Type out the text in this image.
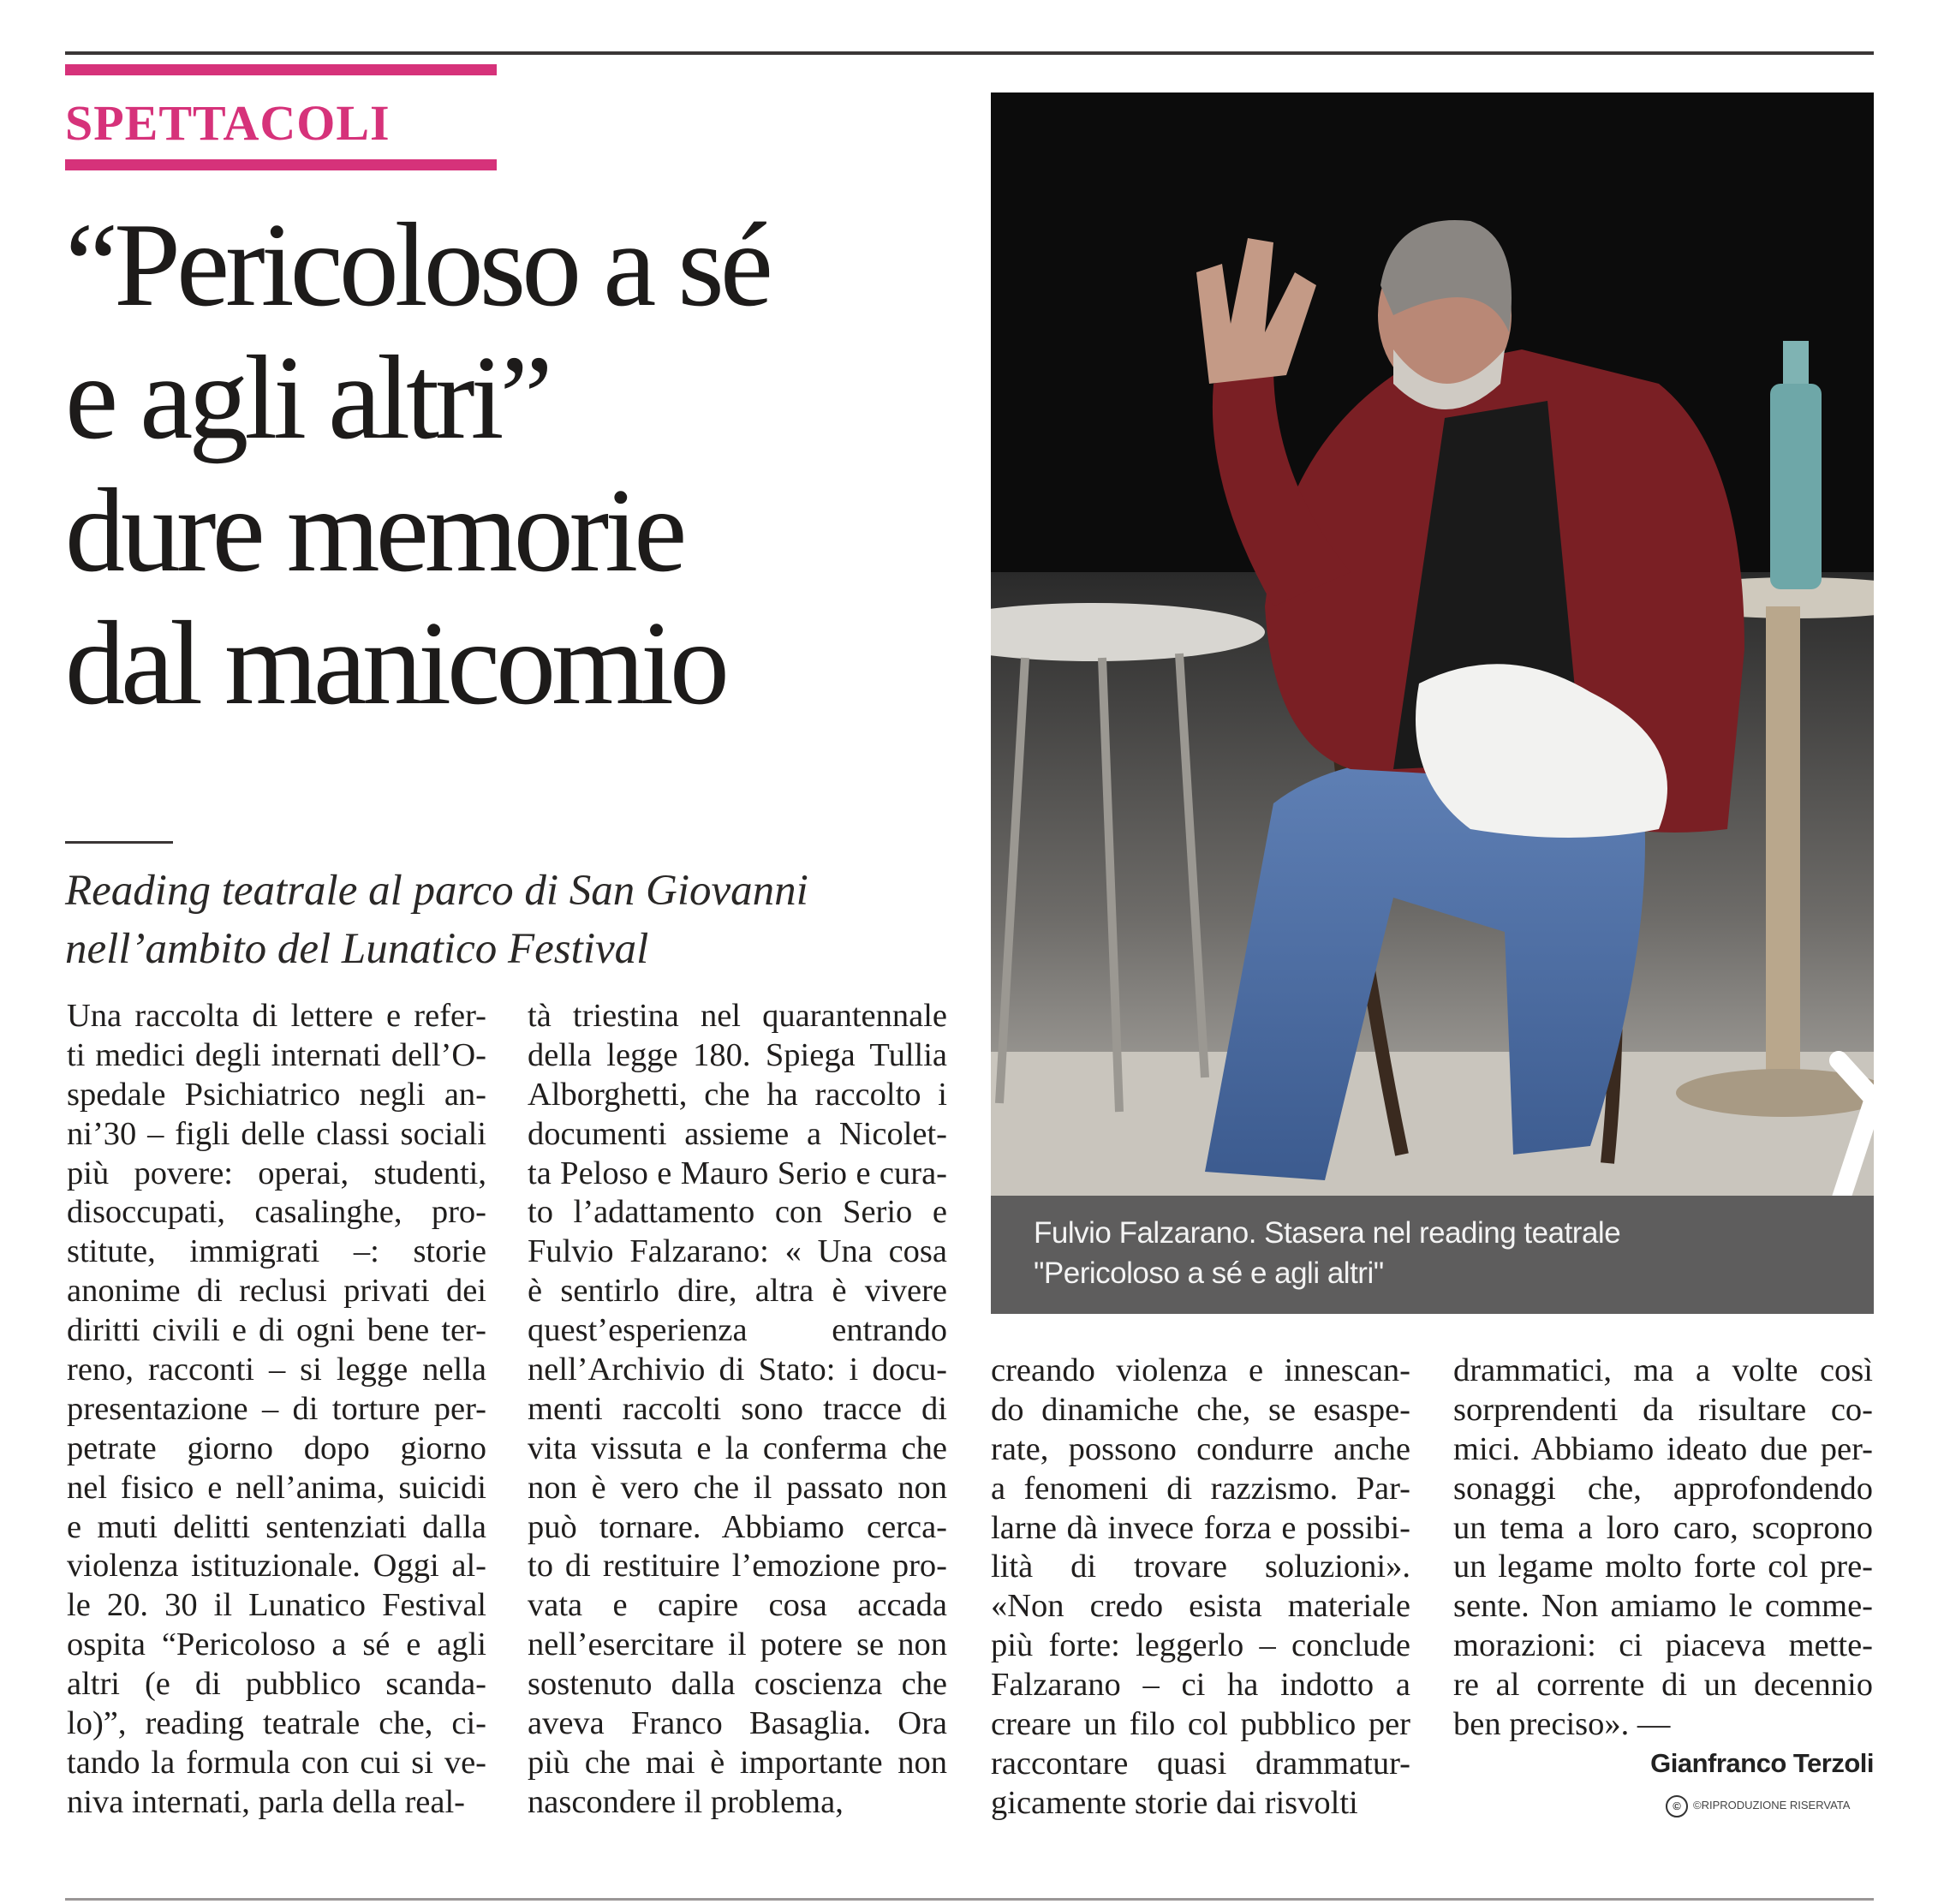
SPETTACOLI
“Pericoloso a sé
e agli altri”
dure memorie
dal manicomio
Reading teatrale al parco di San Giovanni
nell’ambito del Lunatico Festival
Una raccolta di lettere e refer-
ti medici degli internati dell’O-
spedale Psichiatrico negli an-
ni’30 – figli delle classi sociali
più povere: operai, studenti,
disoccupati, casalinghe, pro-
stitute, immigrati –: storie
anonime di reclusi privati dei
diritti civili e di ogni bene ter-
reno, racconti – si legge nella
presentazione – di torture per-
petrate giorno dopo giorno
nel fisico e nell’anima, suicidi
e muti delitti sentenziati dalla
violenza istituzionale. Oggi al-
le 20. 30 il Lunatico Festival
ospita “Pericoloso a sé e agli
altri (e di pubblico scanda-
lo)”, reading teatrale che, ci-
tando la formula con cui si ve-
niva internati, parla della real-
tà triestina nel quarantennale
della legge 180. Spiega Tullia
Alborghetti, che ha raccolto i
documenti assieme a Nicolet-
ta Peloso e Mauro Serio e cura-
to l’adattamento con Serio e
Fulvio Falzarano: « Una cosa
è sentirlo dire, altra è vivere
quest’esperienza entrando
nell’Archivio di Stato: i docu-
menti raccolti sono tracce di
vita vissuta e la conferma che
non è vero che il passato non
può tornare. Abbiamo cerca-
to di restituire l’emozione pro-
vata e capire cosa accada
nell’esercitare il potere se non
sostenuto dalla coscienza che
aveva Franco Basaglia. Ora
più che mai è importante non
nascondere il problema,
Fulvio Falzarano. Stasera nel reading teatrale
"Pericoloso a sé e agli altri"
creando violenza e innescan-
do dinamiche che, se esaspe-
rate, possono condurre anche
a fenomeni di razzismo. Par-
larne dà invece forza e possibi-
lità di trovare soluzioni».
«Non credo esista materiale
più forte: leggerlo – conclude
Falzarano – ci ha indotto a
creare un filo col pubblico per
raccontare quasi drammatur-
gicamente storie dai risvolti
drammatici, ma a volte così
sorprendenti da risultare co-
mici. Abbiamo ideato due per-
sonaggi che, approfondendo
un tema a loro caro, scoprono
un legame molto forte col pre-
sente. Non amiamo le comme-
morazioni: ci piaceva mette-
re al corrente di un decennio
ben preciso». —
Gianfranco Terzoli
©	©RIPRODUZIONE RISERVATA
